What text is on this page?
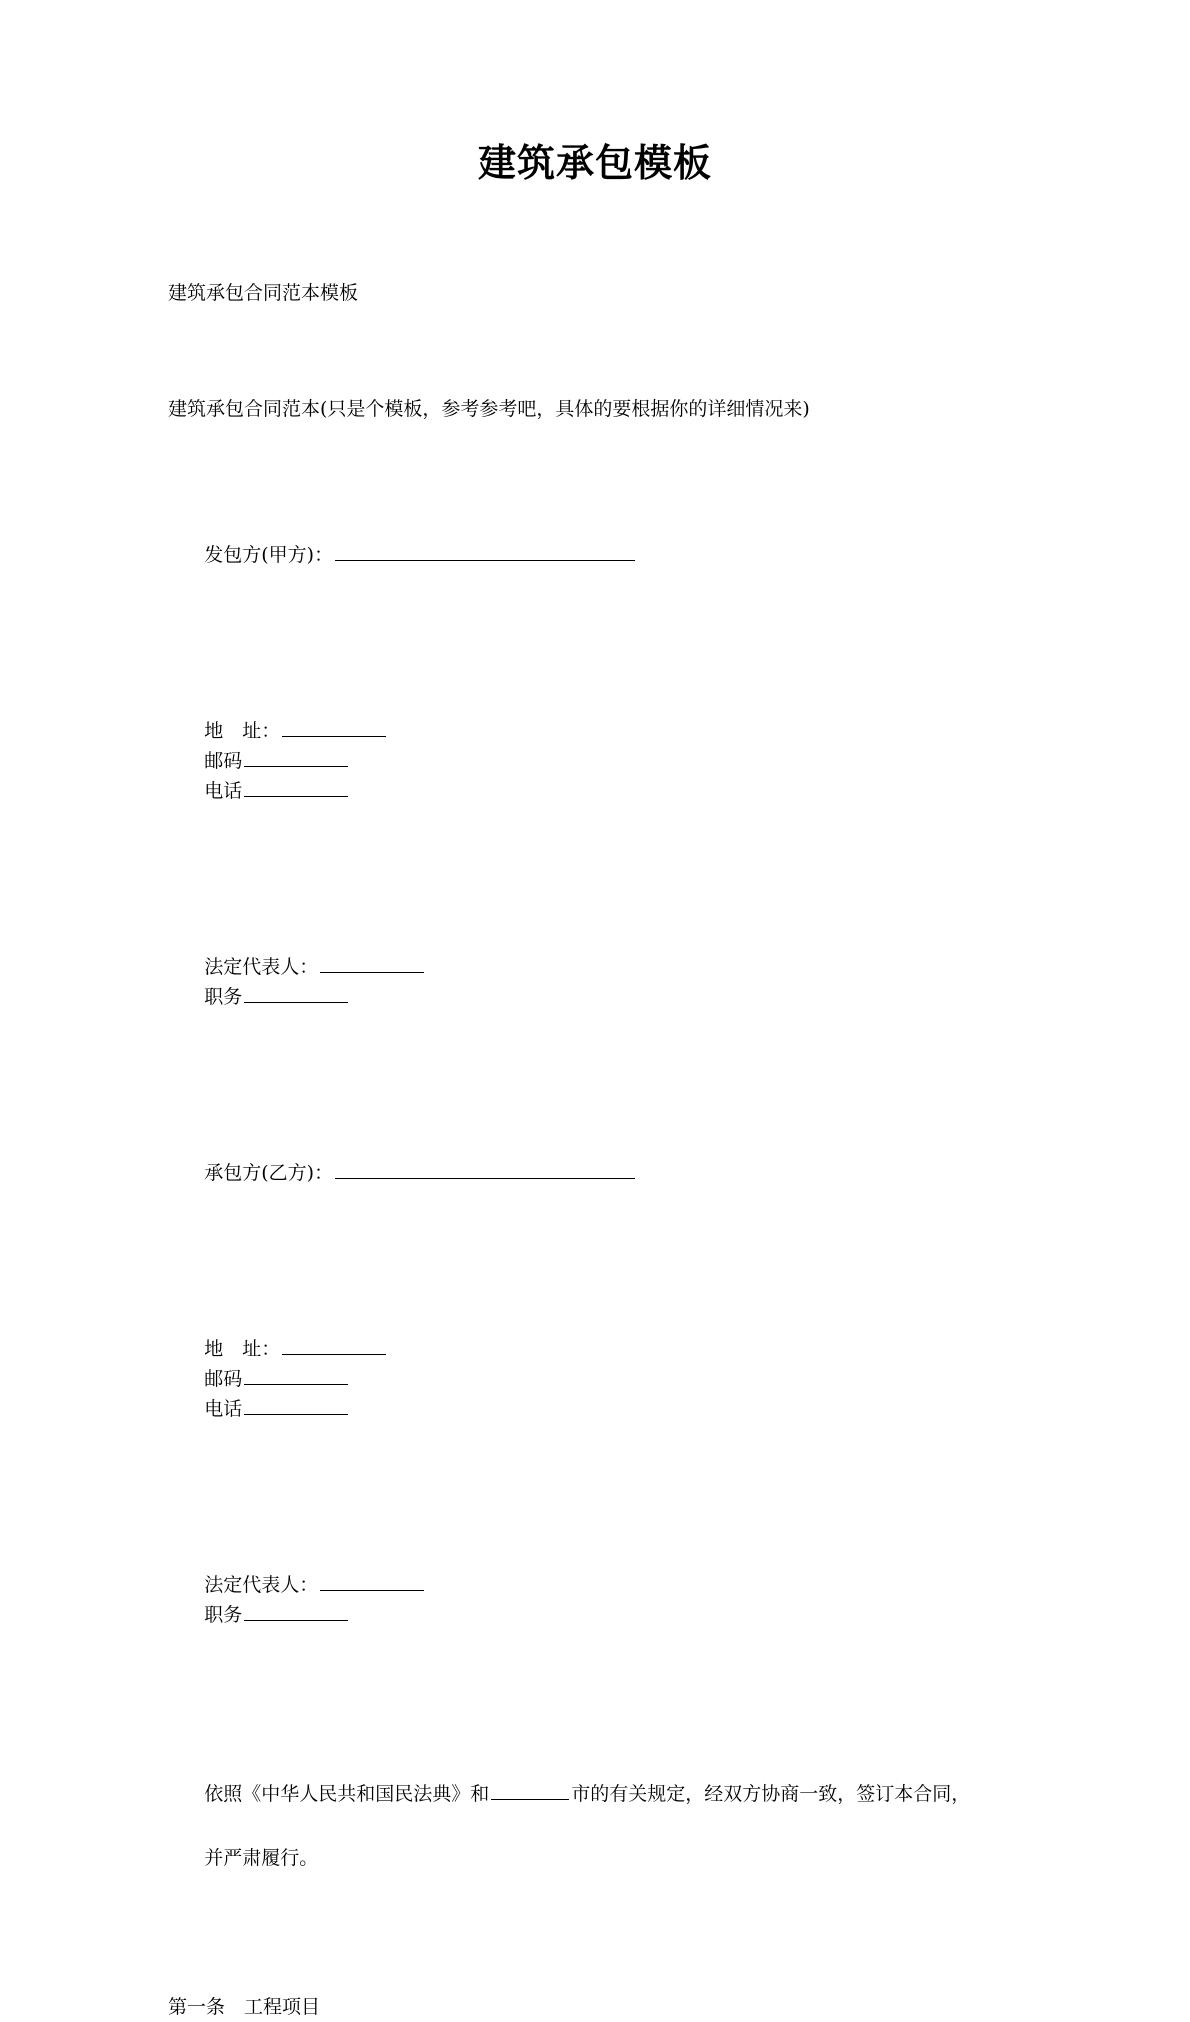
建筑承包模板

建筑承包合同范本模板

建筑承包合同范本(只是个模板，参考参考吧，具体的要根据你的详细情况来)

发包方(甲方)：

地　址：
邮码
电话

法定代表人：
职务

承包方(乙方)：

地　址：
邮码
电话

法定代表人：
职务

依照《中华人民共和国民法典》和	市的有关规定，经双方协商一致，签订本合同，

并严肃履行。

第一条　工程项目
